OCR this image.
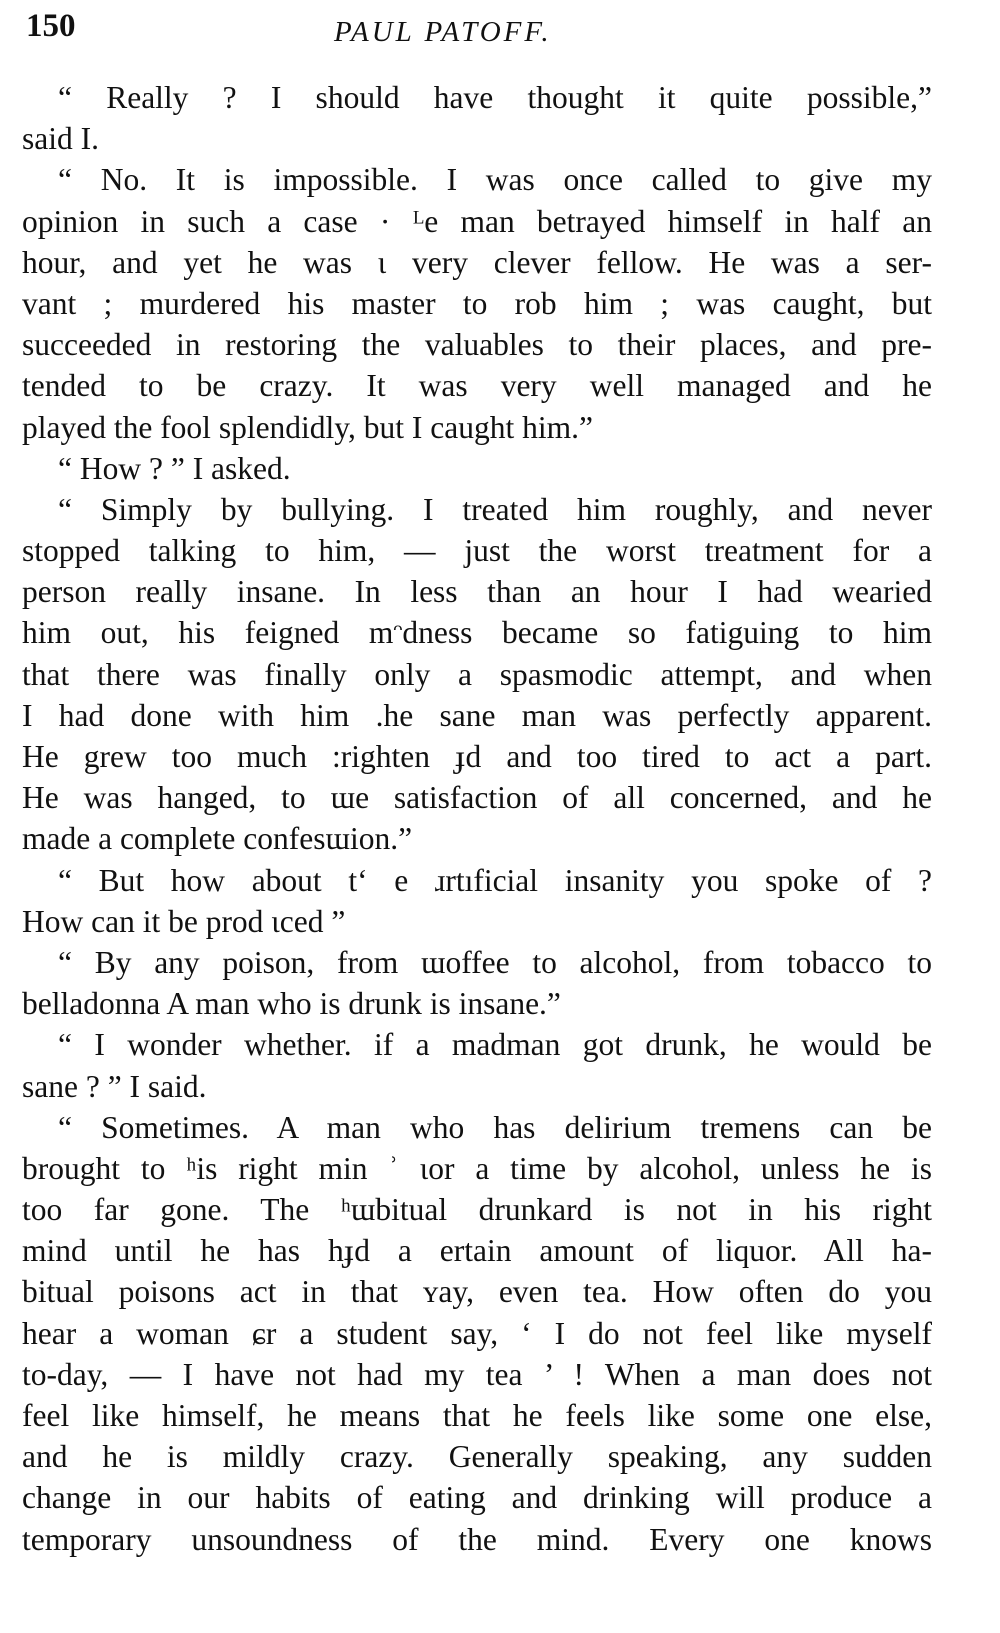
150	PAUL PATOFF.
“ Really ? I should have thought it quite possible,”
said I.
“ No. It is impossible. I was once called to give my
opinion in such a case · ᴸe man betrayed himself in half an
hour, and yet he was ɩ very clever fellow. He was a ser-
vant ; murdered his master to rob him ; was caught, but
succeeded in restoring the valuables to their places, and pre-
tended to be crazy. It was very well managed and he
played the fool splendidly, but I caught him.”
“ How ? ” I asked.
“ Simply by bullying. I treated him roughly, and never
stopped talking to him, — just the worst treatment for a
person really insane. In less than an hour I had wearied
him out, his feigned mᵔdness became so fatiguing to him
that there was finally only a spasmodic attempt, and when
I had done with him .he sane man was perfectly apparent.
He grew too much :righten ɟd and too tired to act a part.
He was hanged, to ɯe satisfaction of all concerned, and he
made a complete confesɯion.”
“ But how about tʻ e ɹrtıficial insanity you spoke of ?
How can it be prod ɩced ”
“ By any poison, from ɯoffee to alcohol, from tobacco to
belladonna A man who is drunk is insane.”
“ I wonder whether. if a madman got drunk, he would be
sane ? ” I said.
“ Sometimes. A man who has delirium tremens can be
brought to ʰis right min ʾ ɩor a time by alcohol, unless he is
too far gone. The ʰɯbitual drunkard is not in his right
mind until he has hɟd a ertain amount of liquor. All ha-
bitual poisons act in that ʏay, even tea. How often do you
hear a woman ɕr a student say, ‘ I do not feel like myself
to-day, — I have not had my tea ’ ! When a man does not
feel like himself, he means that he feels like some one else,
and he is mildly crazy. Generally speaking, any sudden
change in our habits of eating and drinking will produce a
temporary unsoundness of the mind. Every one knows
